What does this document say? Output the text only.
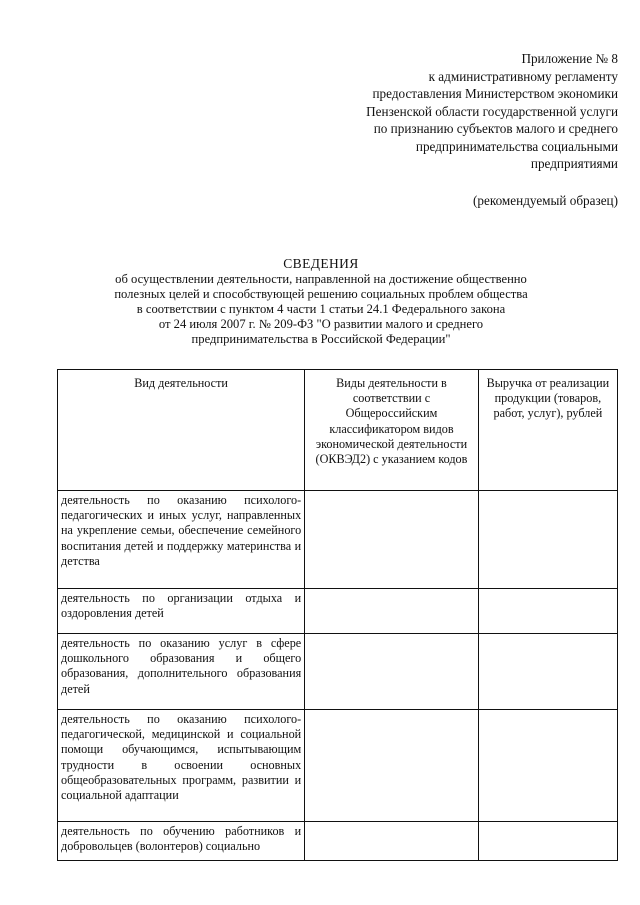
Приложение № 8
к административному регламенту
предоставления Министерством экономики
Пензенской области государственной услуги
по признанию субъектов малого и среднего
предпринимательства социальными
предприятиями
(рекомендуемый образец)
СВЕДЕНИЯ
об осуществлении деятельности, направленной на достижение общественно
полезных целей и способствующей решению социальных проблем общества
в соответствии с пунктом 4 части 1 статьи 24.1 Федерального закона
от 24 июля 2007 г. № 209-ФЗ "О развитии малого и среднего
предпринимательства в Российской Федерации"
Вид деятельности	Виды деятельности в соответствии с Общероссийским классификатором видов экономической деятельности (ОКВЭД2) с указанием кодов	Выручка от реализации продукции (товаров, работ, услуг), рублей
деятельность по оказанию психолого-педагогических и иных услуг, направленных на укрепление семьи, обеспечение семейного воспитания детей и поддержку материнства и детства		
деятельность по организации отдыха и оздоровления детей		
деятельность по оказанию услуг в сфере дошкольного образования и общего образования, дополнительного образования детей		
деятельность по оказанию психолого-педагогической, медицинской и социальной помощи обучающимся, испытывающим трудности в освоении основных общеобразовательных программ, развитии и социальной адаптации		
деятельность по обучению работников и добровольцев (волонтеров) социально		
